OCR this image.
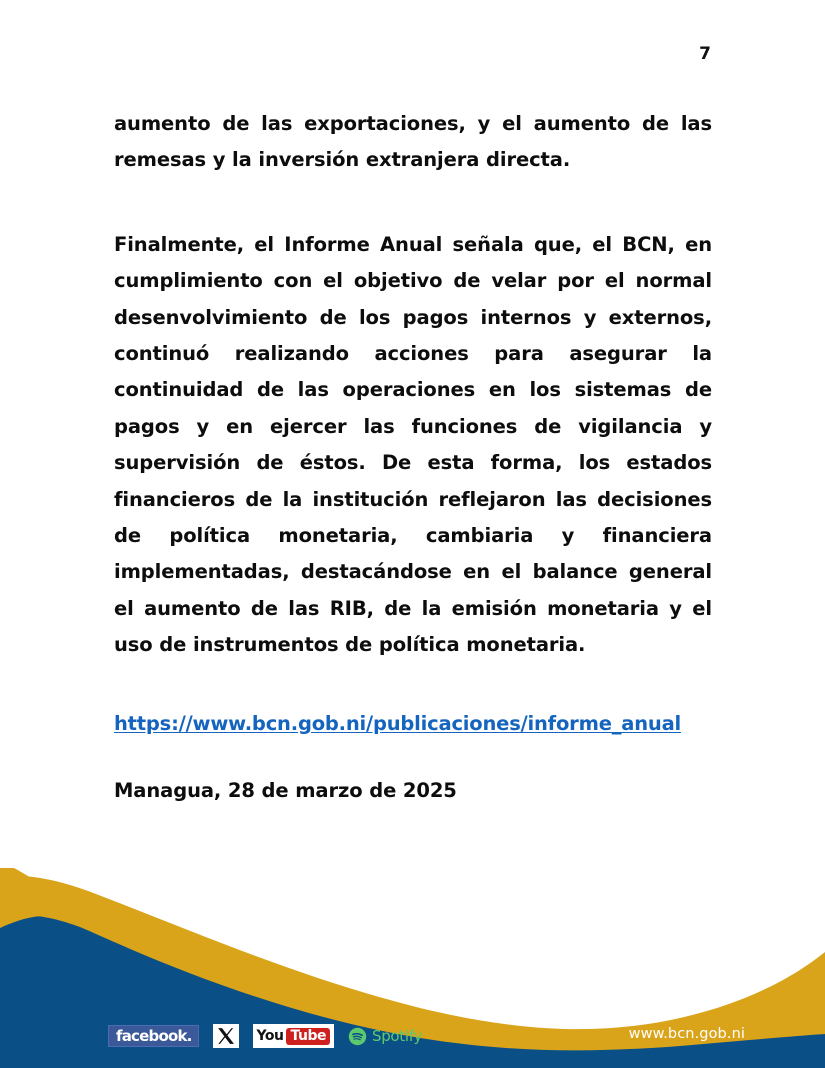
7

aumento de las exportaciones, y el aumento de las remesas y la inversión extranjera directa.

Finalmente, el Informe Anual señala que, el BCN, en cumplimiento con el objetivo de velar por el normal desenvolvimiento de los pagos internos y externos, continuó realizando acciones para asegurar la continuidad de las operaciones en los sistemas de pagos y en ejercer las funciones de vigilancia y supervisión de éstos. De esta forma, los estados financieros de la institución reflejaron las decisiones de política monetaria, cambiaria y financiera implementadas, destacándose en el balance general el aumento de las RIB, de la emisión monetaria y el uso de instrumentos de política monetaria.

https://www.bcn.gob.ni/publicaciones/informe_anual

Managua, 28 de marzo de 2025

facebook.	You Tube	Spotify	www.bcn.gob.ni
